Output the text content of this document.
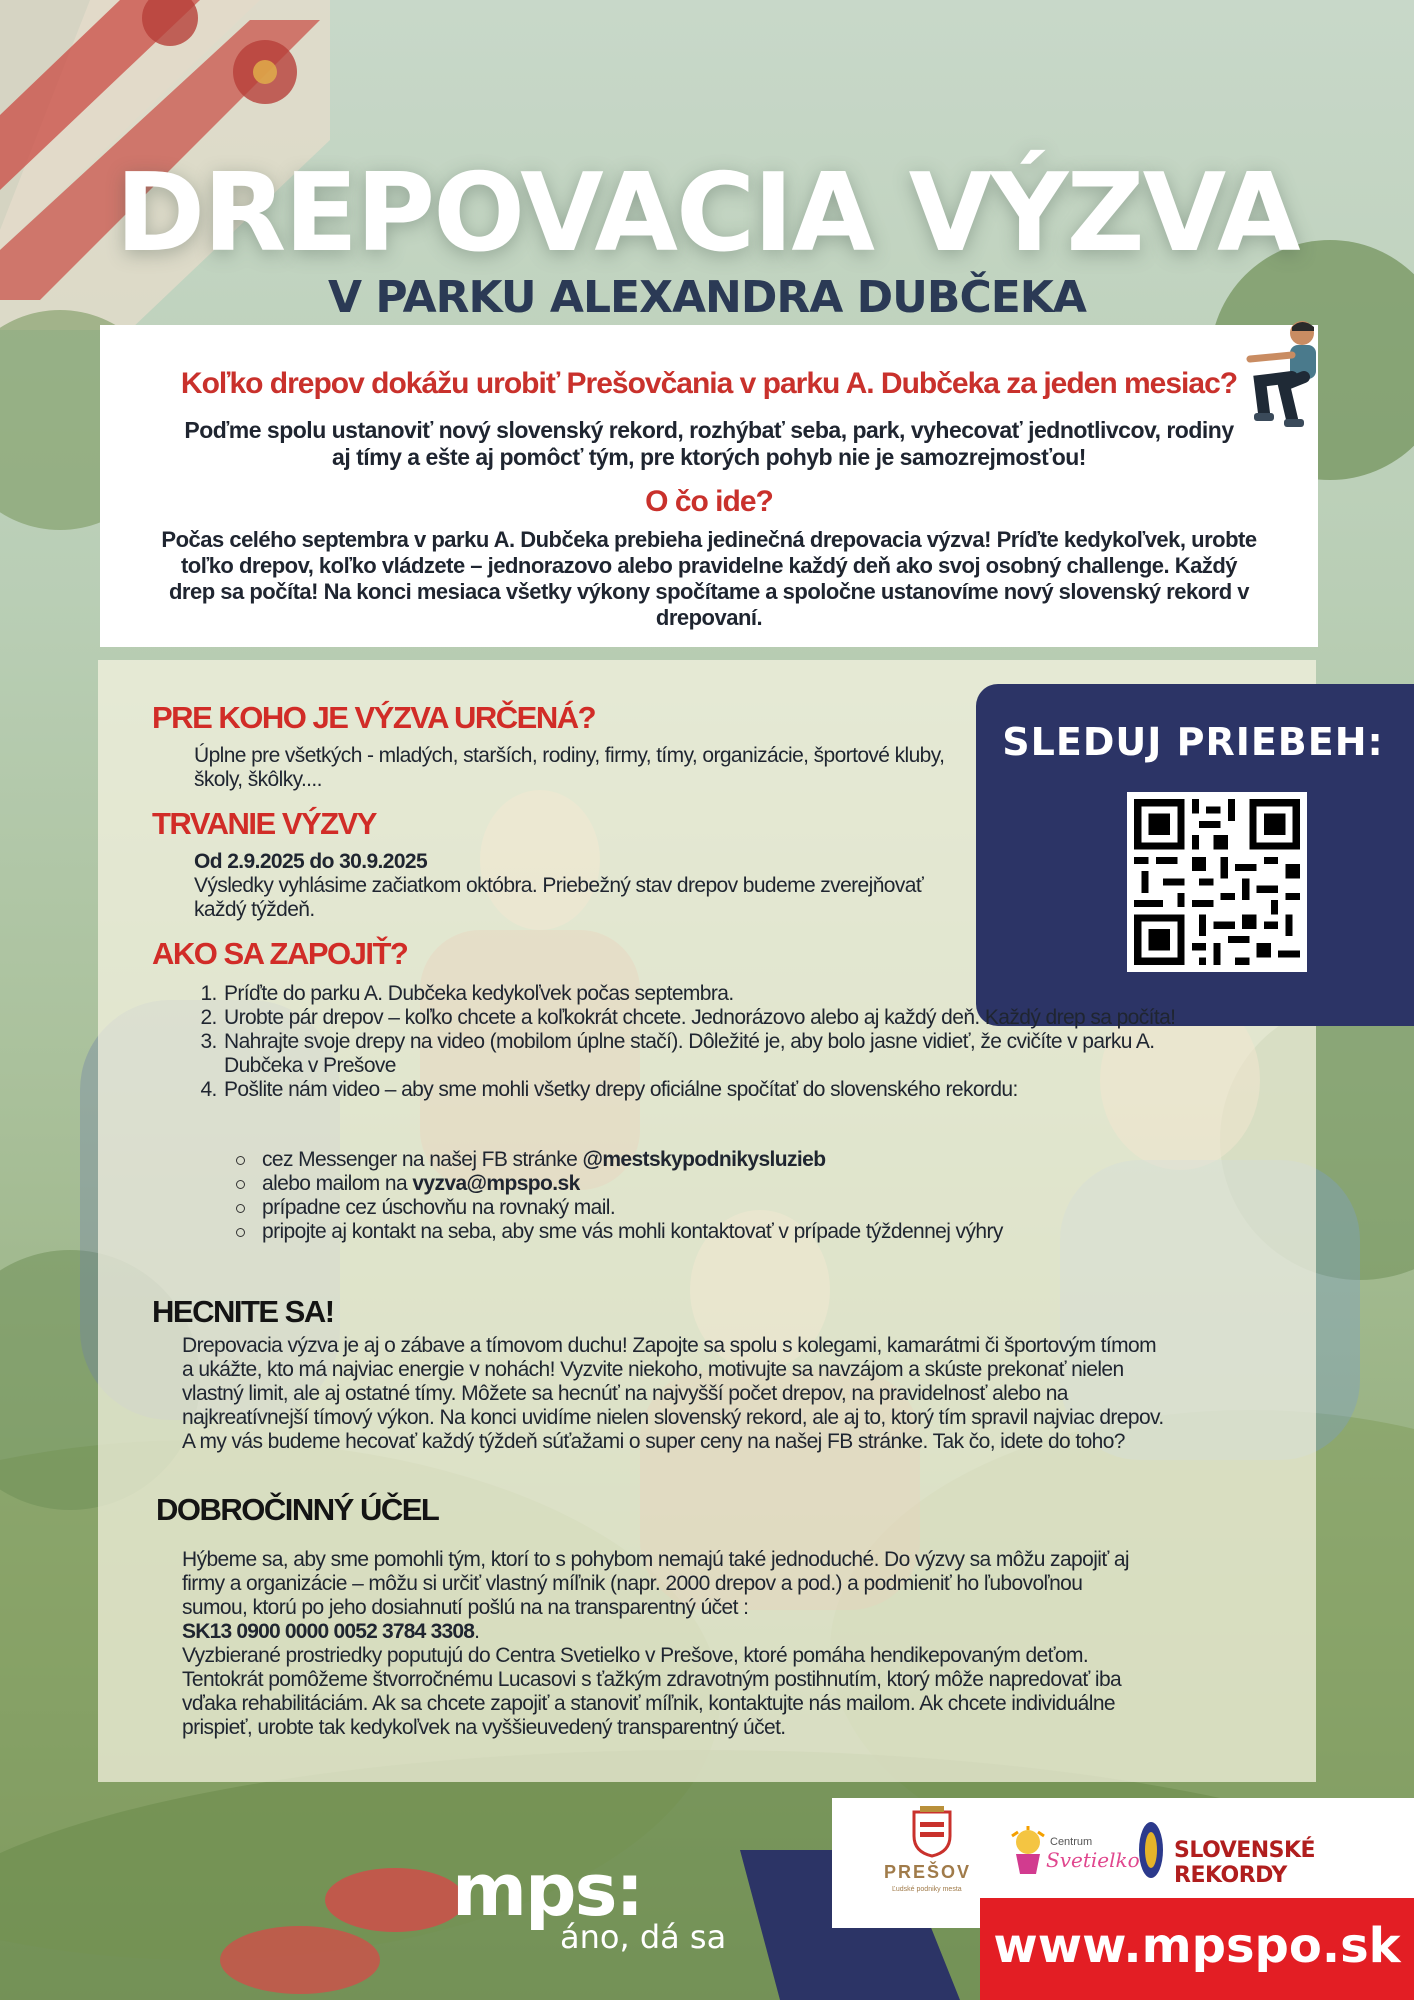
DREPOVACIA VÝZVA
V PARKU ALEXANDRA DUBČEKA
Koľko drepov dokážu urobiť Prešovčania v parku A. Dubčeka za jeden mesiac?
Poďme spolu ustanoviť nový slovenský rekord, rozhýbať seba, park, vyhecovať jednotlivcov, rodiny aj tímy a ešte aj pomôcť tým, pre ktorých pohyb nie je samozrejmosťou!
O čo ide?
Počas celého septembra v parku A. Dubčeka prebieha jedinečná drepovacia výzva! Príďte kedykoľvek, urobte toľko drepov, koľko vládzete – jednorazovo alebo pravidelne každý deň ako svoj osobný challenge. Každý drep sa počíta! Na konci mesiaca všetky výkony spočítame a spoločne ustanovíme nový slovenský rekord v drepovaní.
SLEDUJ PRIEBEH:
PRE KOHO JE VÝZVA URČENÁ?
Úplne pre všetkých - mladých, starších, rodiny, firmy, tímy, organizácie, športové kluby, školy, škôlky....
TRVANIE VÝZVY
Od 2.9.2025 do 30.9.2025
Výsledky vyhlásime začiatkom októbra. Priebežný stav drepov budeme zverejňovať každý týždeň.
AKO SA ZAPOJIŤ?
1. Príďte do parku A. Dubčeka kedykoľvek počas septembra.
2. Urobte pár drepov – koľko chcete a koľkokrát chcete. Jednorázovo alebo aj každý deň. Každý drep sa počíta!
3. Nahrajte svoje drepy na video (mobilom úplne stačí). Dôležité je, aby bolo jasne vidieť, že cvičíte v parku A. Dubčeka v Prešove
4. Pošlite nám video – aby sme mohli všetky drepy oficiálne spočítať do slovenského rekordu:
cez Messenger na našej FB stránke @mestskypodnikysluzieb
alebo mailom na vyzva@mpspo.sk
prípadne cez úschovňu na rovnaký mail.
pripojte aj kontakt na seba, aby sme vás mohli kontaktovať v prípade týždennej výhry
HECNITE SA!
Drepovacia výzva je aj o zábave a tímovom duchu! Zapojte sa spolu s kolegami, kamarátmi či športovým tímom a ukážte, kto má najviac energie v nohách! Vyzvite niekoho, motivujte sa navzájom a skúste prekonať nielen vlastný limit, ale aj ostatné tímy. Môžete sa hecnúť na najvyšší počet drepov, na pravidelnosť alebo na najkreatívnejší tímový výkon. Na konci uvidíme nielen slovenský rekord, ale aj to, ktorý tím spravil najviac drepov. A my vás budeme hecovať každý týždeň súťažami o super ceny na našej FB stránke. Tak čo, idete do toho?
DOBROČINNÝ ÚČEL
Hýbeme sa, aby sme pomohli tým, ktorí to s pohybom nemajú také jednoduché. Do výzvy sa môžu zapojiť aj firmy a organizácie – môžu si určiť vlastný míľnik (napr. 2000 drepov a pod.) a podmieniť ho ľubovoľnou sumou, ktorú po jeho dosiahnutí pošlú na na transparentný účet :
SK13 0900 0000 0052 3784 3308.
Vyzbierané prostriedky poputujú do Centra Svetielko v Prešove, ktoré pomáha hendikepovaným deťom. Tentokrát pomôžeme štvorročnému Lucasovi s ťažkým zdravotným postihnutím, ktorý môže napredovať iba vďaka rehabilitáciám. Ak sa chcete zapojiť a stanoviť míľnik, kontaktujte nás mailom. Ak chcete individuálne prispieť, urobte tak kedykoľvek na vyššieuvedený transparentný účet.
mps:
áno, dá sa
PREŠOV
Ľudské podniky mesta
Centrum
Svetielko SLOVENSKÉ REKORDY
www.mpspo.sk
